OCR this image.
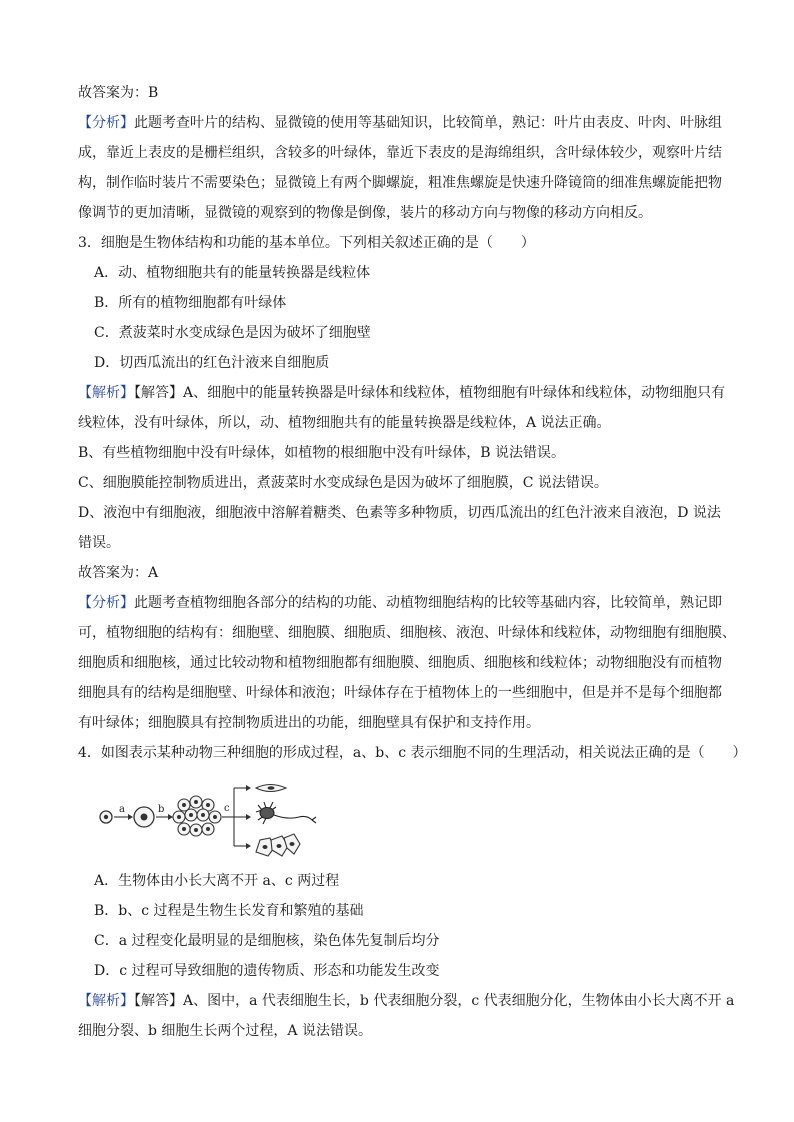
故答案为：B

【分析】此题考查叶片的结构、显微镜的使用等基础知识，比较简单，熟记：叶片由表皮、叶肉、叶脉组

成，靠近上表皮的是栅栏组织，含较多的叶绿体，靠近下表皮的是海绵组织，含叶绿体较少，观察叶片结

构，制作临时装片不需要染色；显微镜上有两个脚螺旋，粗准焦螺旋是快速升降镜筒的细准焦螺旋能把物

像调节的更加清晰，显微镜的观察到的物像是倒像，装片的移动方向与物像的移动方向相反。

3．细胞是生物体结构和功能的基本单位。下列相关叙述正确的是（　　）

A．动、植物细胞共有的能量转换器是线粒体

B．所有的植物细胞都有叶绿体

C．煮菠菜时水变成绿色是因为破坏了细胞壁

D．切西瓜流出的红色汁液来自细胞质

【解析】【解答】A、细胞中的能量转换器是叶绿体和线粒体，植物细胞有叶绿体和线粒体，动物细胞只有

线粒体，没有叶绿体，所以，动、植物细胞共有的能量转换器是线粒体，A 说法正确。

B、有些植物细胞中没有叶绿体，如植物的根细胞中没有叶绿体，B 说法错误。

C、细胞膜能控制物质进出，煮菠菜时水变成绿色是因为破坏了细胞膜，C 说法错误。

D、液泡中有细胞液，细胞液中溶解着糖类、色素等多种物质，切西瓜流出的红色汁液来自液泡，D 说法

错误。

故答案为：A

【分析】此题考查植物细胞各部分的结构的功能、动植物细胞结构的比较等基础内容，比较简单，熟记即

可，植物细胞的结构有：细胞壁、细胞膜、细胞质、细胞核、液泡、叶绿体和线粒体，动物细胞有细胞膜、

细胞质和细胞核，通过比较动物和植物细胞都有细胞膜、细胞质、细胞核和线粒体；动物细胞没有而植物

细胞具有的结构是细胞壁、叶绿体和液泡；叶绿体存在于植物体上的一些细胞中，但是并不是每个细胞都

有叶绿体；细胞膜具有控制物质进出的功能，细胞壁具有保护和支持作用。

4．如图表示某种动物三种细胞的形成过程，a、b、c 表示细胞不同的生理活动，相关说法正确的是（　　）

a	b	c

A．生物体由小长大离不开 a、c 两过程

B．b、c 过程是生物生长发育和繁殖的基础

C．a 过程变化最明显的是细胞核，染色体先复制后均分

D．c 过程可导致细胞的遗传物质、形态和功能发生改变

【解析】【解答】A、图中，a 代表细胞生长，b 代表细胞分裂，c 代表细胞分化，生物体由小长大离不开 a

细胞分裂、b 细胞生长两个过程，A 说法错误。
